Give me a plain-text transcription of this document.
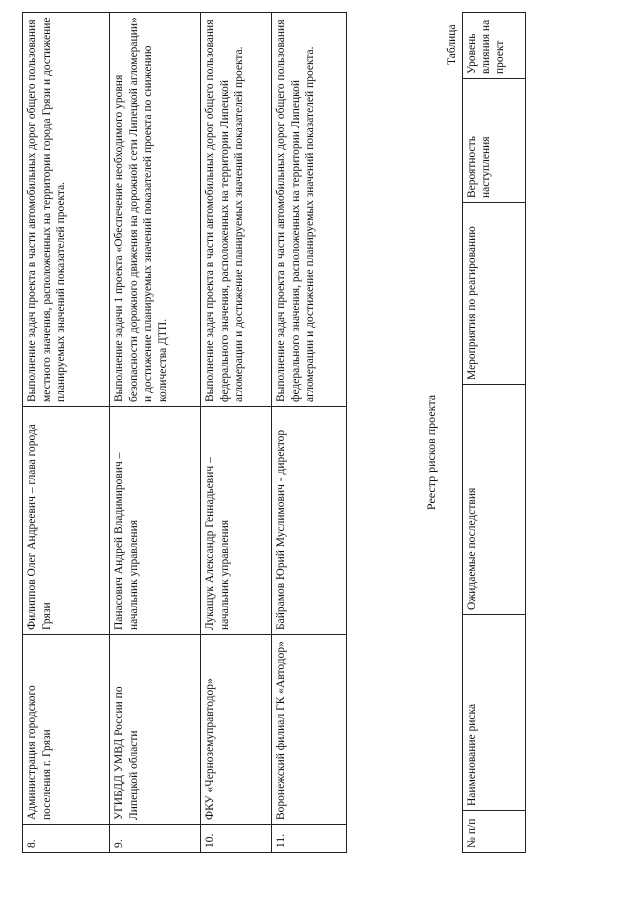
8.	Администрация городского поселения г. Грязи	Филиппов Олег Андреевич – глава города Грязи	Выполнение задач проекта в части автомобильных дорог общего пользования местного значения, расположенных на территории города Грязи и достижение планируемых значений показателей проекта.
9.	УГИБДД УМВД России по Липецкой области	Панасович Андрей Владимирович – начальник управления	Выполнение задачи 1 проекта «Обеспечение необходимого уровня безопасности дорожного движения на дорожной сети Липецкой агломерации» и достижение планируемых значений показателей проекта по снижению количества ДТП.
10.	ФКУ «Черноземуправтодор»	Лукащук Александр Геннадьевич – начальник управления	Выполнение задач проекта в части автомобильных дорог общего пользования федерального значения, расположенных на территории Липецкой агломерации и достижение планируемых значений показателей проекта.
11.	Воронежский филиал ГК «Автодор»	Байрамов Юрий Муслимович - директор	Выполнение задач проекта в части автомобильных дорог общего пользования федерального значения, расположенных на территории Липецкой агломерации и достижение планируемых значений показателей проекта.
Реестр рисков проекта
Таблица
№ п/п	Наименование риска	Ожидаемые последствия	Мероприятия по реагированию	Вероятность наступления	Уровень влияния на проект
